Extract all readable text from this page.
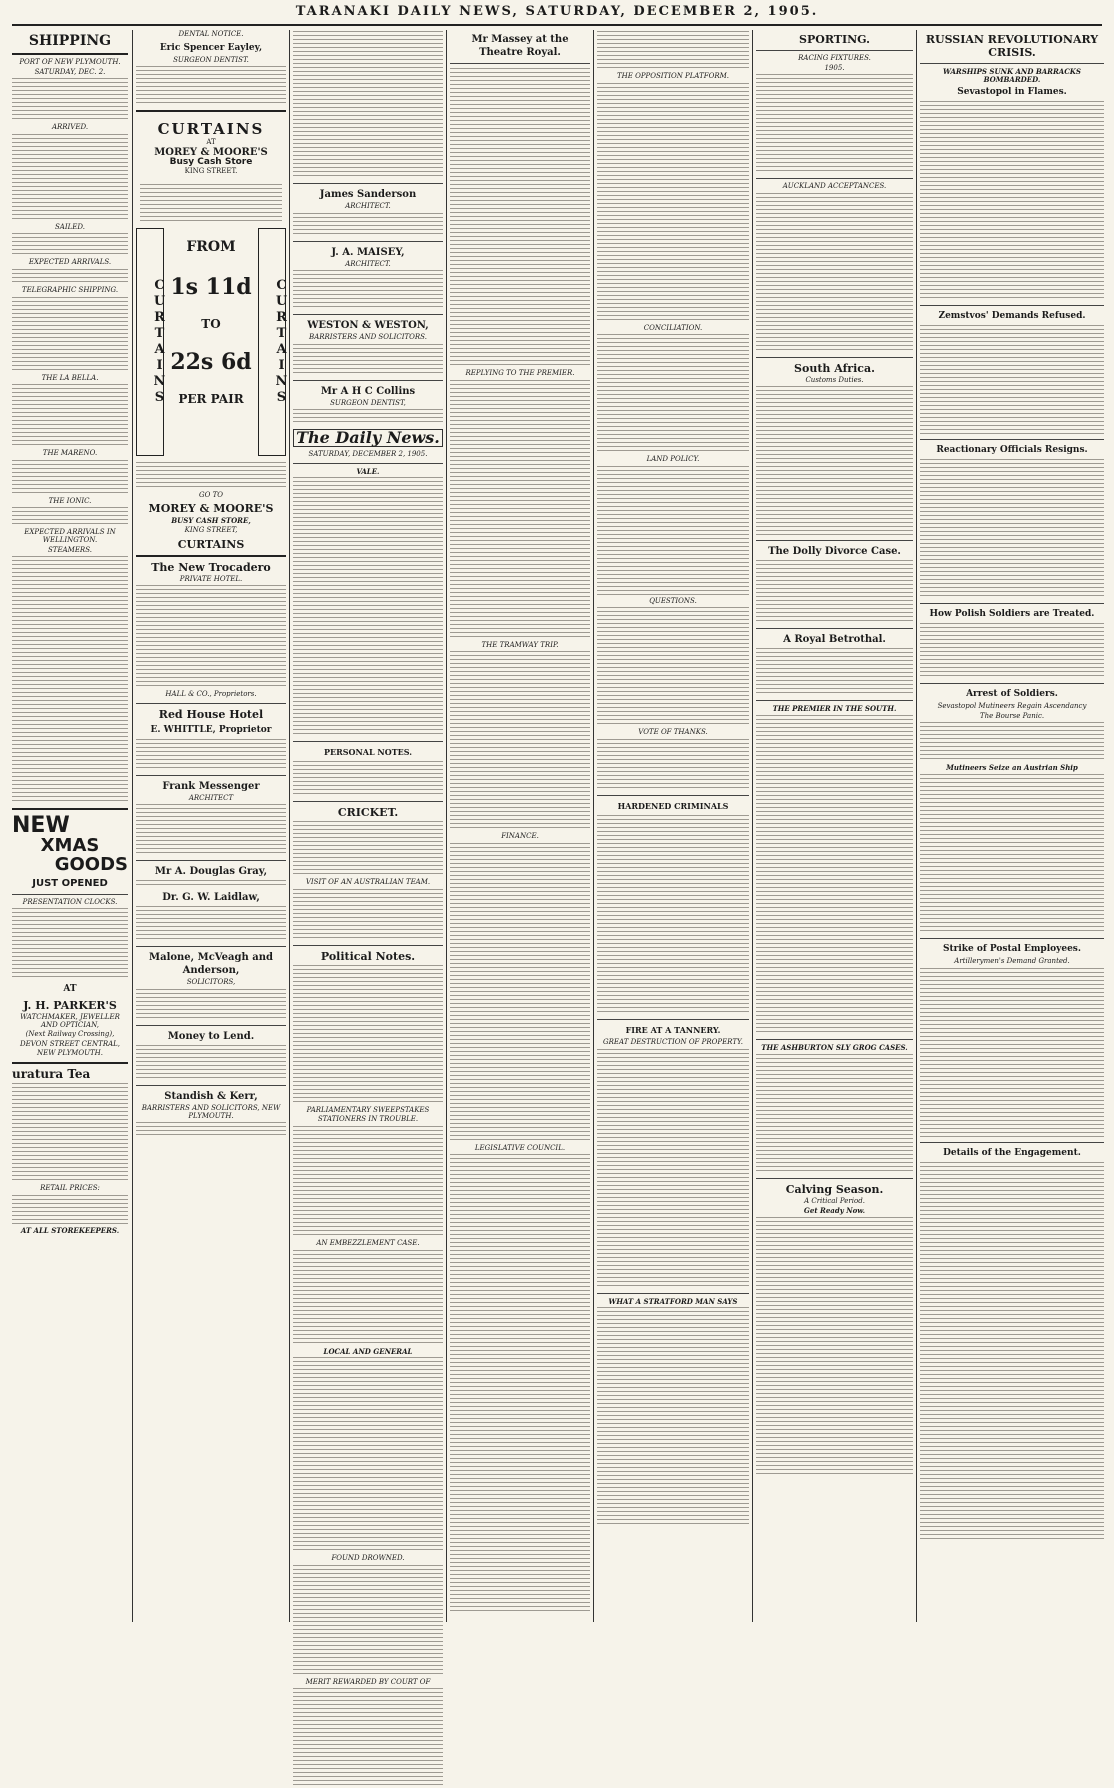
TARANAKI DAILY NEWS, SATURDAY, DECEMBER 2, 1905.
SHIPPING
PORT OF NEW PLYMOUTH.
SATURDAY, DEC. 2.
ARRIVED.
SAILED.
EXPECTED ARRIVALS.
TELEGRAPHIC SHIPPING.
THE LA BELLA.
THE MARENO.
THE IONIC.
EXPECTED ARRIVALS IN WELLINGTON.
STEAMERS.
NEW
XMAS
GOODS
JUST OPENED
PRESENTATION CLOCKS.
AT
J. H. PARKER'S
WATCHMAKER, JEWELLER AND OPTICIAN,
(Next Railway Crossing),
DEVON STREET CENTRAL,
NEW PLYMOUTH.
uratura Tea
RETAIL PRICES:
AT ALL STOREKEEPERS.
DENTAL NOTICE.
Eric Spencer Eayley,
SURGEON DENTIST.
CURTAINS
AT
MOREY & MOORE'S
Busy Cash Store
KING STREET.
CURTAINS	CURTAINS
FROM
1s 11d
TO
22s 6d
PER PAIR
GO TO
MOREY & MOORE'S
BUSY CASH STORE,
KING STREET,
CURTAINS
The New Trocadero
PRIVATE HOTEL.
HALL & CO., Proprietors.
Red House Hotel
E. WHITTLE, Proprietor
Frank Messenger
ARCHITECT
Mr A. Douglas Gray,
Dr. G. W. Laidlaw,
Malone, McVeagh and Anderson,
SOLICITORS,
Money to Lend.
Standish & Kerr,
BARRISTERS AND SOLICITORS, NEW PLYMOUTH.
James Sanderson
ARCHITECT.
J. A. MAISEY,
ARCHITECT.
WESTON & WESTON,
BARRISTERS AND SOLICITORS.
Mr A H C Collins
SURGEON DENTIST,
The Daily News.
SATURDAY, DECEMBER 2, 1905.
VALE.
PERSONAL NOTES.
CRICKET.
VISIT OF AN AUSTRALIAN TEAM.
Political Notes.
PARLIAMENTARY SWEEPSTAKES
STATIONERS IN TROUBLE.
AN EMBEZZLEMENT CASE.
LOCAL AND GENERAL
FOUND DROWNED.
MERIT REWARDED BY COURT OF
Mr Massey at the Theatre Royal.
REPLYING TO THE PREMIER.
THE TRAMWAY TRIP.
FINANCE.
LEGISLATIVE COUNCIL.
THE OPPOSITION PLATFORM.
CONCILIATION.
LAND POLICY.
QUESTIONS.
VOTE OF THANKS.
HARDENED CRIMINALS
FIRE AT A TANNERY.
GREAT DESTRUCTION OF PROPERTY.
WHAT A STRATFORD MAN SAYS
SPORTING.
RACING FIXTURES.
1905.
AUCKLAND ACCEPTANCES.
South Africa.
Customs Duties.
The Dolly Divorce Case.
A Royal Betrothal.
THE PREMIER IN THE SOUTH.
THE ASHBURTON SLY GROG CASES.
Calving Season.
A Critical Period.
Get Ready Now.
RUSSIAN REVOLUTIONARY CRISIS.
WARSHIPS SUNK AND BARRACKS BOMBARDED.
Sevastopol in Flames.
Zemstvos' Demands Refused.
Reactionary Officials Resigns.
How Polish Soldiers are Treated.
Arrest of Soldiers.
Sevastopol Mutineers Regain Ascendancy
The Bourse Panic.
Mutineers Seize an Austrian Ship
Strike of Postal Employees.
Artillerymen's Demand Granted.
Details of the Engagement.
